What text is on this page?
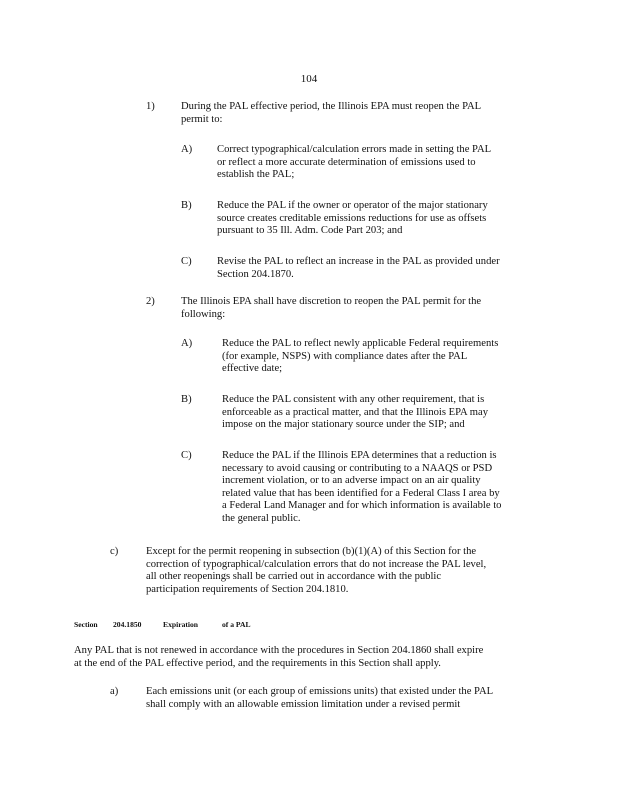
104
1) During the PAL effective period, the Illinois EPA must reopen the PAL
permit to:
A) Correct typographical/calculation errors made in setting the PAL
or reflect a more accurate determination of emissions used to
establish the PAL;
B) Reduce the PAL if the owner or operator of the major stationary
source creates creditable emissions reductions for use as offsets
pursuant to 35 Ill. Adm. Code Part 203; and
C) Revise the PAL to reflect an increase in the PAL as provided under
Section 204.1870.
2) The Illinois EPA shall have discretion to reopen the PAL permit for the
following:
A)	Reduce the PAL to reflect newly applicable Federal requirements
(for example, NSPS) with compliance dates after the PAL
effective date;
B)	Reduce the PAL consistent with any other requirement, that is
enforceable as a practical matter, and that the Illinois EPA may
impose on the major stationary source under the SIP; and
C)	Reduce the PAL if the Illinois EPA determines that a reduction is
necessary to avoid causing or contributing to a NAAQS or PSD
increment violation, or to an adverse impact on an air quality
related value that has been identified for a Federal Class I area by
a Federal Land Manager and for which information is available to
the general public.
c)	Except for the permit reopening in subsection (b)(1)(A) of this Section for the
correction of typographical/calculation errors that do not increase the PAL level,
all other reopenings shall be carried out in accordance with the public
participation requirements of Section 204.1810.
Section 204.1850	Expiration	of a PAL
Any PAL that is not renewed in accordance with the procedures in Section 204.1860 shall expire
at the end of the PAL effective period, and the requirements in this Section shall apply.
a)	Each emissions unit (or each group of emissions units) that existed under the PAL
shall comply with an allowable emission limitation under a revised permit
